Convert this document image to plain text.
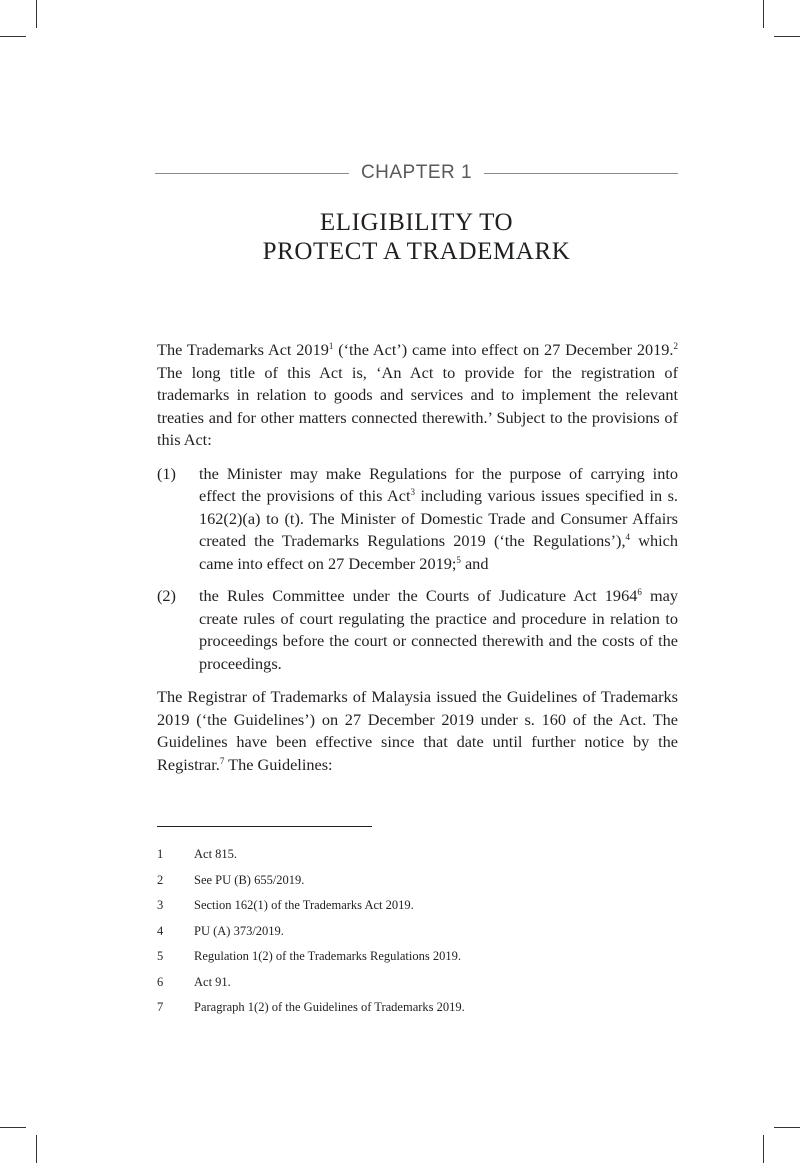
CHAPTER 1
ELIGIBILITY TO
PROTECT A TRADEMARK

The Trademarks Act 2019$^1$ (‘the Act’) came into effect on 27 December 2019.$^2$ The long title of this Act is, ‘An Act to provide for the registration of trademarks in relation to goods and services and to implement the relevant treaties and for other matters connected therewith.’ Subject to the provisions of this Act:

(1)	the Minister may make Regulations for the purpose of carrying into effect the provisions of this Act$^3$ including various issues specified in s. 162(2)(a) to (t). The Minister of Domestic Trade and Consumer Affairs created the Trademarks Regulations 2019 (‘the Regulations’),$^4$ which came into effect on 27 December 2019;$^5$ and
(2)	the Rules Committee under the Courts of Judicature Act 1964$^6$ may create rules of court regulating the practice and procedure in relation to proceedings before the court or connected therewith and the costs of the proceedings.

The Registrar of Trademarks of Malaysia issued the Guidelines of Trademarks 2019 (‘the Guidelines’) on 27 December 2019 under s. 160 of the Act. The Guidelines have been effective since that date until further notice by the Registrar.$^7$ The Guidelines:

1	Act 815.
2	See PU (B) 655/2019.
3	Section 162(1) of the Trademarks Act 2019.
4	PU (A) 373/2019.
5	Regulation 1(2) of the Trademarks Regulations 2019.
6	Act 91.
7	Paragraph 1(2) of the Guidelines of Trademarks 2019.
